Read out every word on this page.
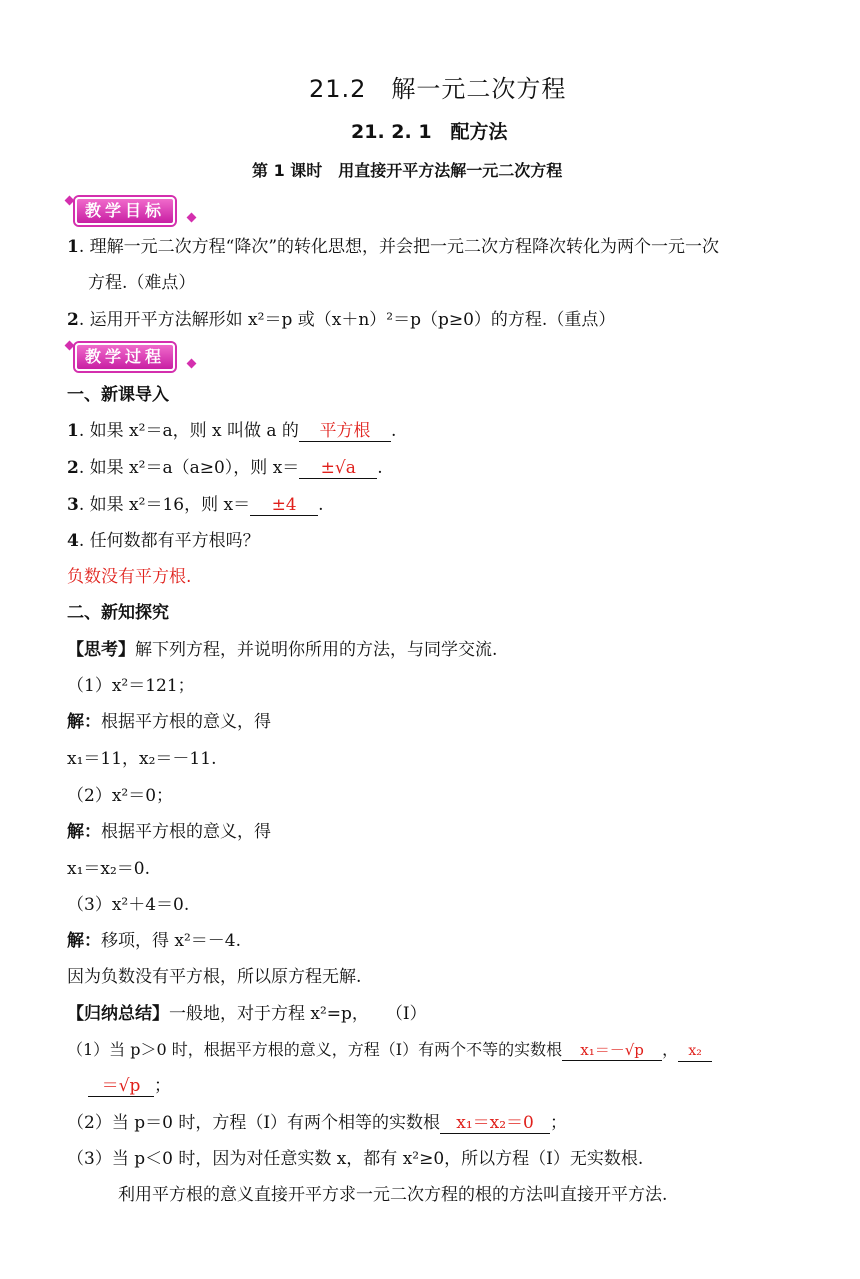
21.2　解一元二次方程
21. 2. 1　配方法
第 1 课时　用直接开平方法解一元二次方程
教学目标
1. 理解一元二次方程“降次”的转化思想，并会把一元二次方程降次转化为两个一元一次
方程.（难点）
2. 运用开平方法解形如 x²＝p 或（x＋n）²＝p（p≥0）的方程.（重点）
教学过程
一、新课导入
1. 如果 x²＝a，则 x 叫做 a 的 平方根 .
2. 如果 x²＝a（a≥0），则 x＝ ±√a .
3. 如果 x²＝16，则 x＝ ±4 .
4. 任何数都有平方根吗？
负数没有平方根.
二、新知探究
【思考】解下列方程，并说明你所用的方法，与同学交流.
（1）x²＝121；
解：根据平方根的意义，得
x₁＝11，x₂＝－11.
（2）x²＝0；
解：根据平方根的意义，得
x₁＝x₂＝0.
（3）x²＋4＝0.
解：移项，得 x²＝－4.
因为负数没有平方根，所以原方程无解.
【归纳总结】一般地，对于方程 x²=p，　　（Ⅰ）
（1）当 p＞0 时，根据平方根的意义，方程（Ⅰ）有两个不等的实数根 x₁＝－√p ， x₂
＝√p ；
（2）当 p＝0 时，方程（Ⅰ）有两个相等的实数根 x₁＝x₂＝0 ；
（3）当 p＜0 时，因为对任意实数 x，都有 x²≥0，所以方程（Ⅰ）无实数根.
利用平方根的意义直接开平方求一元二次方程的根的方法叫直接开平方法.
